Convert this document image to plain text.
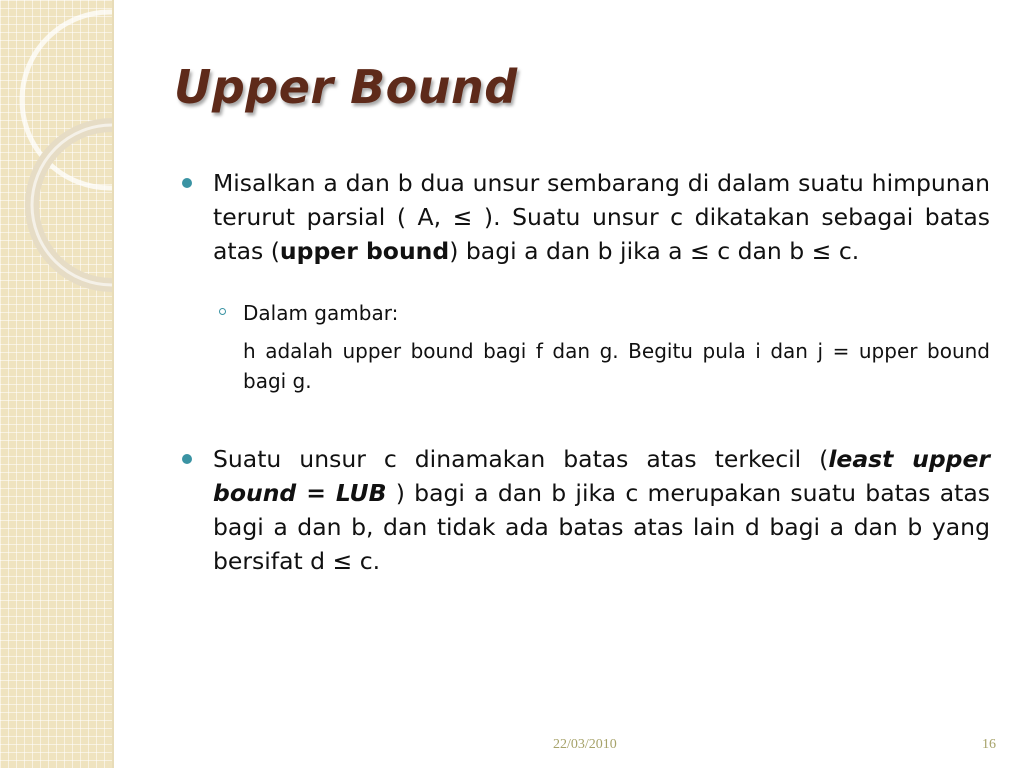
Upper Bound
Misalkan a dan b dua unsur sembarang di dalam suatu himpunan terurut parsial ( A, ≤ ). Suatu unsur c dikatakan sebagai batas atas (upper bound) bagi a dan b jika a ≤ c dan b ≤ c.
Dalam gambar:
h adalah upper bound bagi f dan g. Begitu pula i dan j = upper bound bagi g.
Suatu unsur c dinamakan batas atas terkecil (least upper bound = LUB ) bagi a dan b jika c merupakan suatu batas atas bagi a dan b, dan tidak ada batas atas lain d bagi a dan b yang bersifat d ≤ c.
22/03/2010	16
